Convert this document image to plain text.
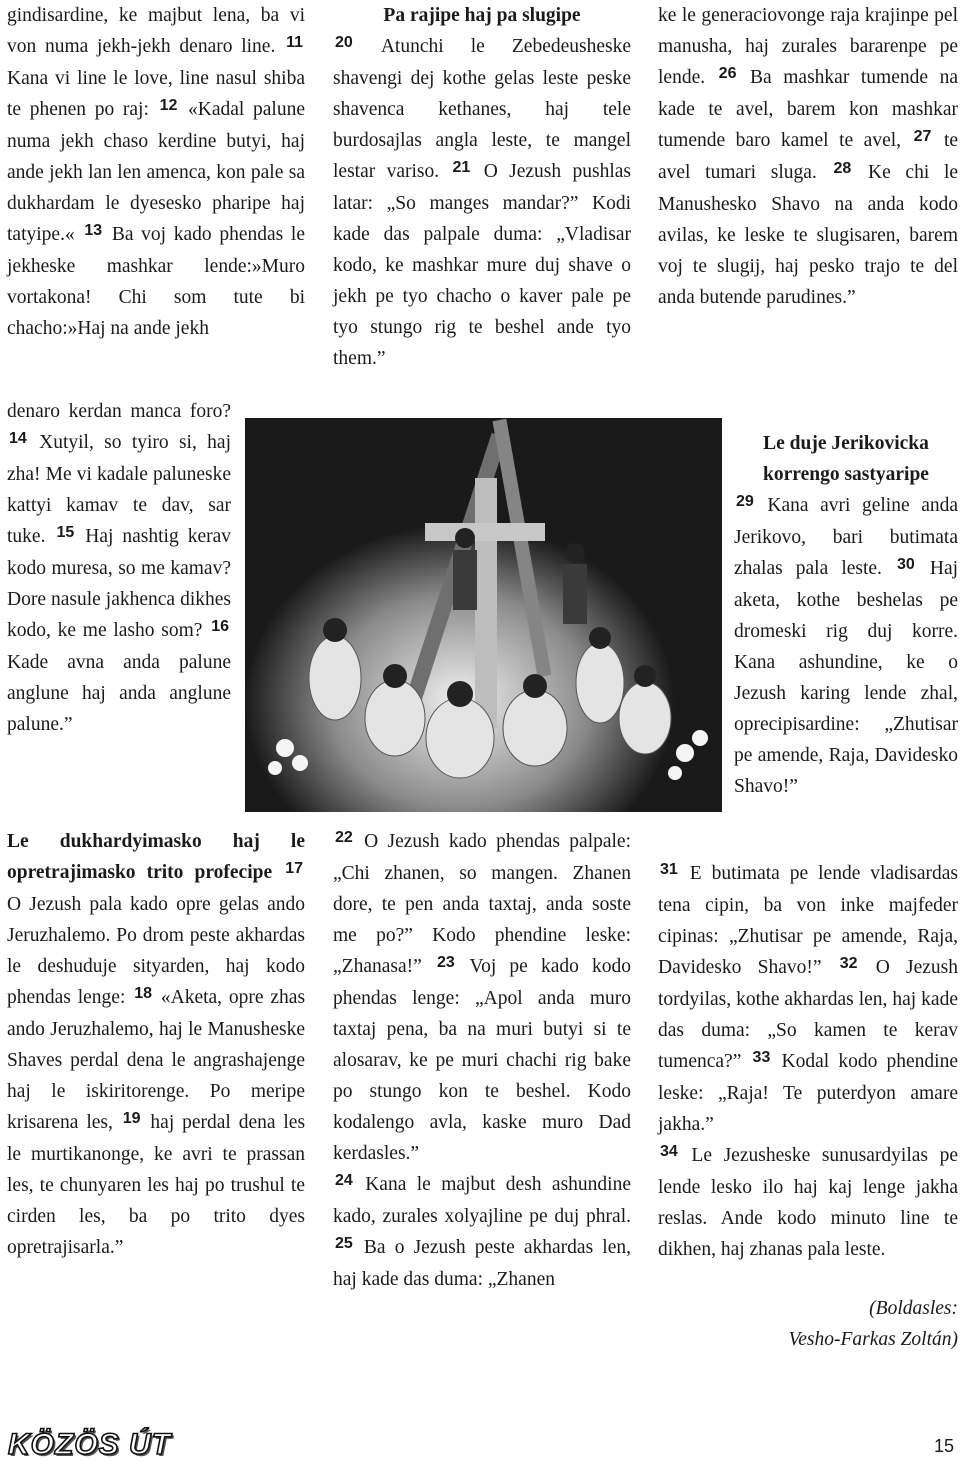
gindisardine, ke majbut lena, ba vi von numa jekh-jekh denaro line. $^{11}$ Kana vi line le love, line nasul shiba te phenen po raj: $^{12}$ «Kadal palune numa jekh chaso kerdine butyi, haj ande jekh lan len amenca, kon pale sa dukhardam le dyesesko pharipe haj tatyipe.« $^{13}$ Ba voj kado phendas le jekheske mashkar lende:»Muro vortakona! Chi som tute bi chacho:»Haj na ande jekh

denaro kerdan manca foro? $^{14}$ Xutyil, so tyiro si, haj zha! Me vi kadale paluneske kattyi kamav te dav, sar tuke. $^{15}$ Haj nashtig kerav kodo muresa, so me kamav? Dore nasule jakhenca dikhes kodo, ke me lasho som? $^{16}$ Kade avna anda palune anglune haj anda anglune palune.”

Le dukhardyimasko haj le opretrajimasko trito profecipe $^{17}$ O Jezush pala kado opre gelas ando Jeruzhalemo. Po drom peste akhardas le deshuduje sityarden, haj kodo phendas lenge: $^{18}$ «Aketa, opre zhas ando Jeruzhalemo, haj le Manusheske Shaves perdal dena le angrashajenge haj le iskiritorenge. Po meripe krisarena les, $^{19}$ haj perdal dena les le murtikanonge, ke avri te prassan les, te chunyaren les haj po trushul te cirden les, ba po trito dyes opretrajisarla.”

Pa rajipe haj pa slugipe

$^{20}$ Atunchi le Zebedeusheske shavengi dej kothe gelas leste peske shavenca kethanes, haj tele burdosajlas angla leste, te mangel lestar variso. $^{21}$ O Jezush pushlas latar: „So manges mandar?” Kodi kade das palpale duma: „Vladisar kodo, ke mashkar mure duj shave o jekh pe tyo chacho o kaver pale pe tyo stungo rig te beshel ande tyo them.”

$^{22}$ O Jezush kado phendas palpale: „Chi zhanen, so mangen. Zhanen dore, te pen anda taxtaj, anda soste me po?” Kodo phendine leske: „Zhanasa!” $^{23}$ Voj pe kado kodo phendas lenge: „Apol anda muro taxtaj pena, ba na muri butyi si te alosarav, ke pe muri chachi rig bake po stungo kon te beshel. Kodo kodalengo avla, kaske muro Dad kerdasles.”

$^{24}$ Kana le majbut desh ashundine kado, zurales xolyajline pe duj phral. $^{25}$ Ba o Jezush peste akhardas len, haj kade das duma: „Zhanen

ke le generaciovonge raja krajinpe pel manusha, haj zurales bararenpe pe lende. $^{26}$ Ba mashkar tumende na kade te avel, barem kon mashkar tumende baro kamel te avel, $^{27}$ te avel tumari sluga. $^{28}$ Ke chi le Manushesko Shavo na anda kodo avilas, ke leske te slugisaren, barem voj te slugij, haj pesko trajo te del anda butende parudines.”

Le duje Jerikovicka korrengo sastyaripe

$^{29}$ Kana avri geline anda Jerikovo, bari butimata zhalas pala leste. $^{30}$ Haj aketa, kothe beshelas pe dromeski rig duj korre. Kana ashundine, ke o Jezush karing lende zhal, oprecipisardine: „Zhutisar pe amende, Raja, Davidesko Shavo!”

$^{31}$ E butimata pe lende vladisardas tena cipin, ba von inke majfeder cipinas: „Zhutisar pe amende, Raja, Davidesko Shavo!” $^{32}$ O Jezush tordyilas, kothe akhardas len, haj kade das duma: „So kamen te kerav tumenca?” $^{33}$ Kodal kodo phendine leske: „Raja! Te puterdyon amare jakha.”

$^{34}$ Le Jezusheske sunusardyilas pe lende lesko ilo haj kaj lenge jakha reslas. Ande kodo minuto line te dikhen, haj zhanas pala leste.

(Boldasles:

Vesho-Farkas Zoltán)

KÖZÖS ÚT	15
